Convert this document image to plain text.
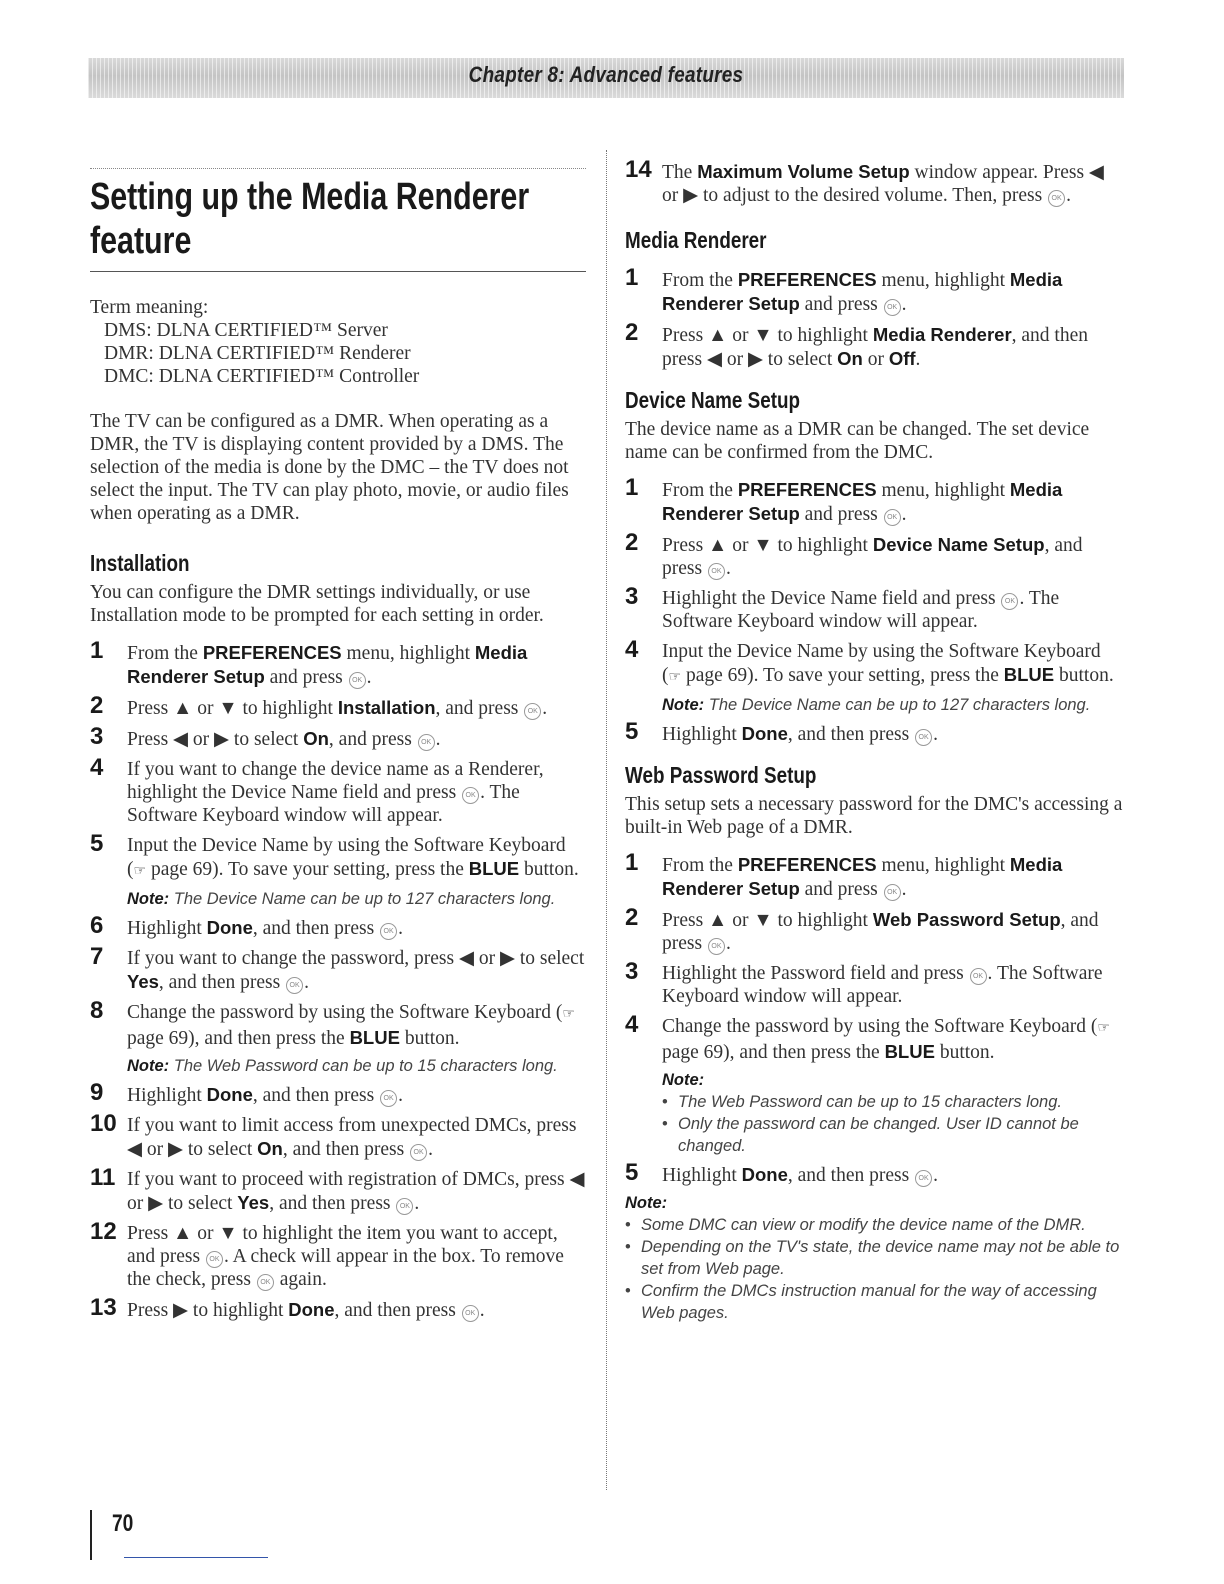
Chapter 8: Advanced features
Setting up the Media Renderer feature

Term meaning:

DMS: DLNA CERTIFIED™ Server

DMR: DLNA CERTIFIED™ Renderer

DMC: DLNA CERTIFIED™ Controller

The TV can be configured as a DMR. When operating as a DMR, the TV is displaying content provided by a DMS. The selection of the media is done by the DMC – the TV does not select the input. The TV can play photo, movie, or audio files when operating as a DMR.

Installation

You can configure the DMR settings individually, or use Installation mode to be prompted for each setting in order.

1 From the PREFERENCES menu, highlight Media Renderer Setup and press OK .
2 Press ▲ or ▼ to highlight Installation, and press OK .
3 Press ◀ or ▶ to select On, and press OK .
4 If you want to change the device name as a Renderer, highlight the Device Name field and press OK . The Software Keyboard window will appear.
5 Input the Device Name by using the Software Keyboard (☞ page 69). To save your setting, press the BLUE button.
Note: The Device Name can be up to 127 characters long.
6 Highlight Done, and then press OK .
7 If you want to change the password, press ◀ or ▶ to select Yes, and then press OK .
8 Change the password by using the Software Keyboard (☞ page 69), and then press the BLUE button.
Note: The Web Password can be up to 15 characters long.
9 Highlight Done, and then press OK .
10 If you want to limit access from unexpected DMCs, press ◀ or ▶ to select On, and then press OK .
11 If you want to proceed with registration of DMCs, press ◀ or ▶ to select Yes, and then press OK .
12 Press ▲ or ▼ to highlight the item you want to accept, and press OK . A check will appear in the box. To remove the check, press OK again.
13 Press ▶ to highlight Done, and then press OK .
14 The Maximum Volume Setup window appear. Press ◀ or ▶ to adjust to the desired volume. Then, press OK .
Media Renderer
1 From the PREFERENCES menu, highlight Media Renderer Setup and press OK .
2 Press ▲ or ▼ to highlight Media Renderer, and then press ◀ or ▶ to select On or Off.
Device Name Setup

The device name as a DMR can be changed. The set device name can be confirmed from the DMC.

1 From the PREFERENCES menu, highlight Media Renderer Setup and press OK .
2 Press ▲ or ▼ to highlight Device Name Setup, and press OK .
3 Highlight the Device Name field and press OK . The Software Keyboard window will appear.
4 Input the Device Name by using the Software Keyboard (☞ page 69). To save your setting, press the BLUE button.
Note: The Device Name can be up to 127 characters long.
5 Highlight Done, and then press OK .
Web Password Setup

This setup sets a necessary password for the DMC's accessing a built-in Web page of a DMR.

1 From the PREFERENCES menu, highlight Media Renderer Setup and press OK .
2 Press ▲ or ▼ to highlight Web Password Setup, and press OK .
3 Highlight the Password field and press OK . The Software Keyboard window will appear.
4 Change the password by using the Software Keyboard (☞ page 69), and then press the BLUE button.
Note:
• The Web Password can be up to 15 characters long.
• Only the password can be changed. User ID cannot be changed.
5 Highlight Done, and then press OK .
Note:
• Some DMC can view or modify the device name of the DMR.
• Depending on the TV's state, the device name may not be able to set from Web page.
• Confirm the DMCs instruction manual for the way of accessing Web pages.
70
